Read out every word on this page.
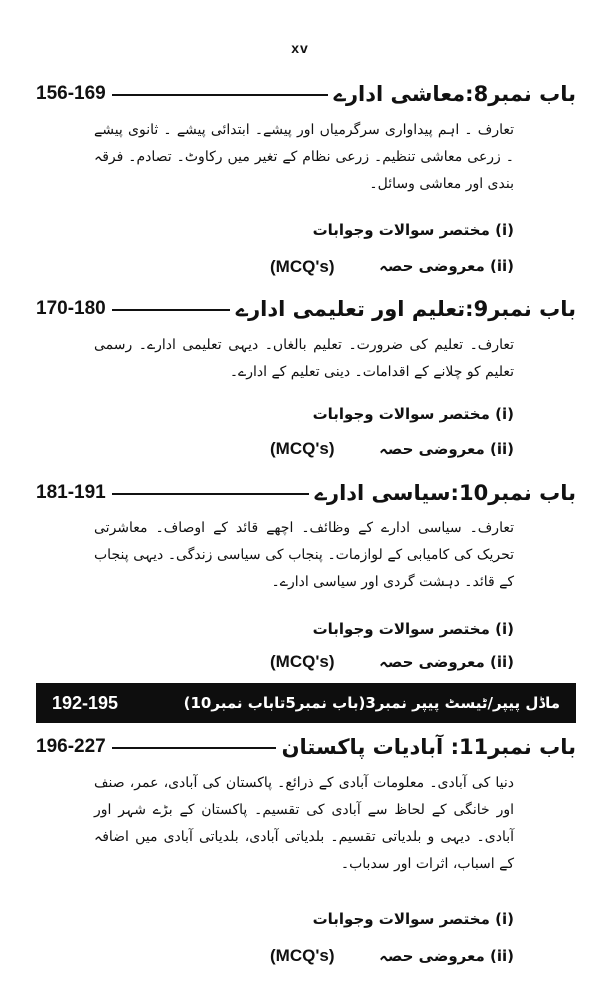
xv
156-169	باب نمبر8:معاشی ادارے
تعارف ۔ اہم پیداواری سرگرمیاں اور پیشے۔ ابتدائی پیشے ۔ ثانوی پیشے ۔ زرعی معاشی تنظیم۔ زرعی نظام کے تغیر میں رکاوٹ۔ تصادم۔ فرقہ بندی اور معاشی وسائل۔
(i) مختصر سوالات وجوابات
(ii) معروضی حصہ
(MCQ's)
170-180	باب نمبر9:تعلیم اور تعلیمی ادارے
تعارف۔ تعلیم کی ضرورت۔ تعلیم بالغاں۔ دیہی تعلیمی ادارے۔ رسمی تعلیم کو چلانے کے اقدامات۔ دینی تعلیم کے ادارے۔
(i) مختصر سوالات وجوابات
(ii) معروضی حصہ
(MCQ's)
181-191	باب نمبر10:سیاسی ادارے
تعارف۔ سیاسی ادارے کے وظائف۔ اچھے قائد کے اوصاف۔ معاشرتی تحریک کی کامیابی کے لوازمات۔ پنجاب کی سیاسی زندگی۔ دیہی پنجاب کے قائد۔ دہشت گردی اور سیاسی ادارے۔
(i) مختصر سوالات وجوابات
(ii) معروضی حصہ
(MCQ's)
192-195	ماڈل پیپر/ٹیسٹ پیپر نمبر3(باب نمبر5تاباب نمبر10)
196-227	باب نمبر11: آبادیات پاکستان
دنیا کی آبادی۔ معلومات آبادی کے ذرائع۔ پاکستان کی آبادی، عمر، صنف اور خانگی کے لحاظ سے آبادی کی تقسیم۔ پاکستان کے بڑے شہر اور آبادی۔ دیہی و بلدیاتی تقسیم۔ بلدیاتی آبادی، بلدیاتی آبادی میں اضافہ کے اسباب، اثرات اور سدباب۔
(i) مختصر سوالات وجوابات
(ii) معروضی حصہ
(MCQ's)
